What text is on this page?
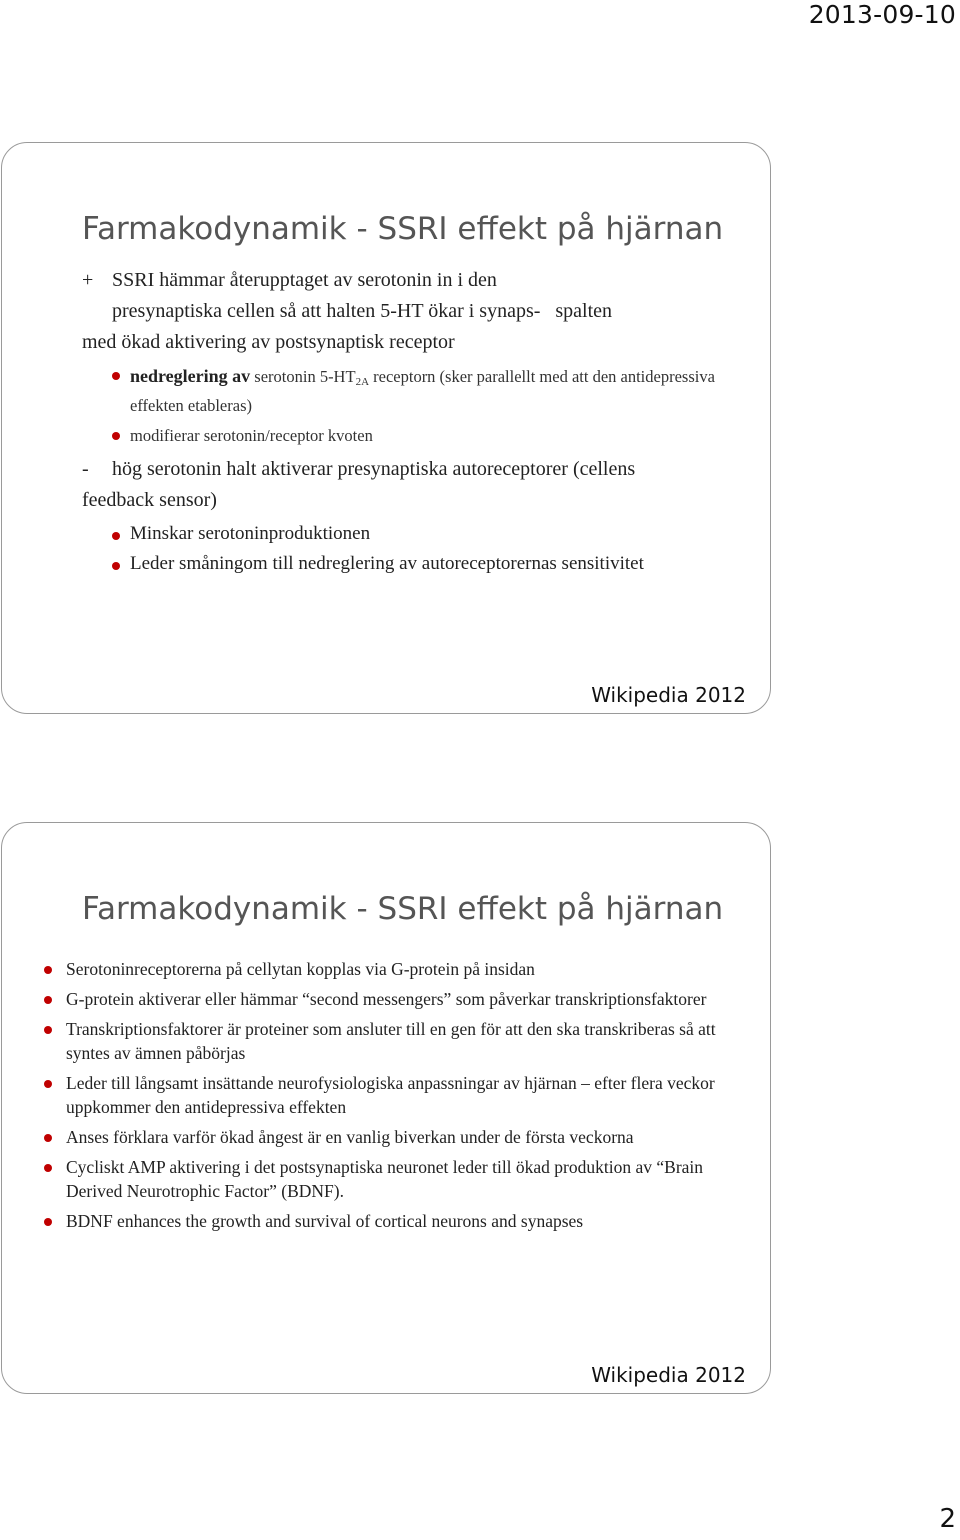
2013-09-10
Farmakodynamik - SSRI effekt på hjärnan
+ SSRI hämmar återupptaget av serotonin in i den
presynaptiska cellen så att halten 5-HT ökar i synaps-   spalten
med ökad aktivering av postsynaptisk receptor
nedreglering av serotonin 5-HT2A receptorn (sker parallellt med att den antidepressiva effekten etableras)
modifierar serotonin/receptor kvoten
- hög serotonin halt aktiverar presynaptiska autoreceptorer (cellens
feedback sensor)
Minskar serotoninproduktionen
Leder småningom till nedreglering av autoreceptorernas sensitivitet
Wikipedia 2012
Farmakodynamik - SSRI effekt på hjärnan
Serotoninreceptorerna på cellytan kopplas via G-protein på insidan
G-protein aktiverar eller hämmar “second messengers” som påverkar transkriptionsfaktorer
Transkriptionsfaktorer är proteiner som ansluter till en gen för att den ska transkriberas så att syntes av ämnen påbörjas
Leder till långsamt insättande neurofysiologiska anpassningar av hjärnan – efter flera veckor uppkommer den antidepressiva effekten
Anses förklara varför ökad ångest är en vanlig biverkan under de första veckorna
Cycliskt AMP aktivering i det postsynaptiska neuronet leder till ökad produktion av “Brain Derived Neurotrophic Factor” (BDNF).
BDNF enhances the growth and survival of cortical neurons and synapses
Wikipedia 2012
2
